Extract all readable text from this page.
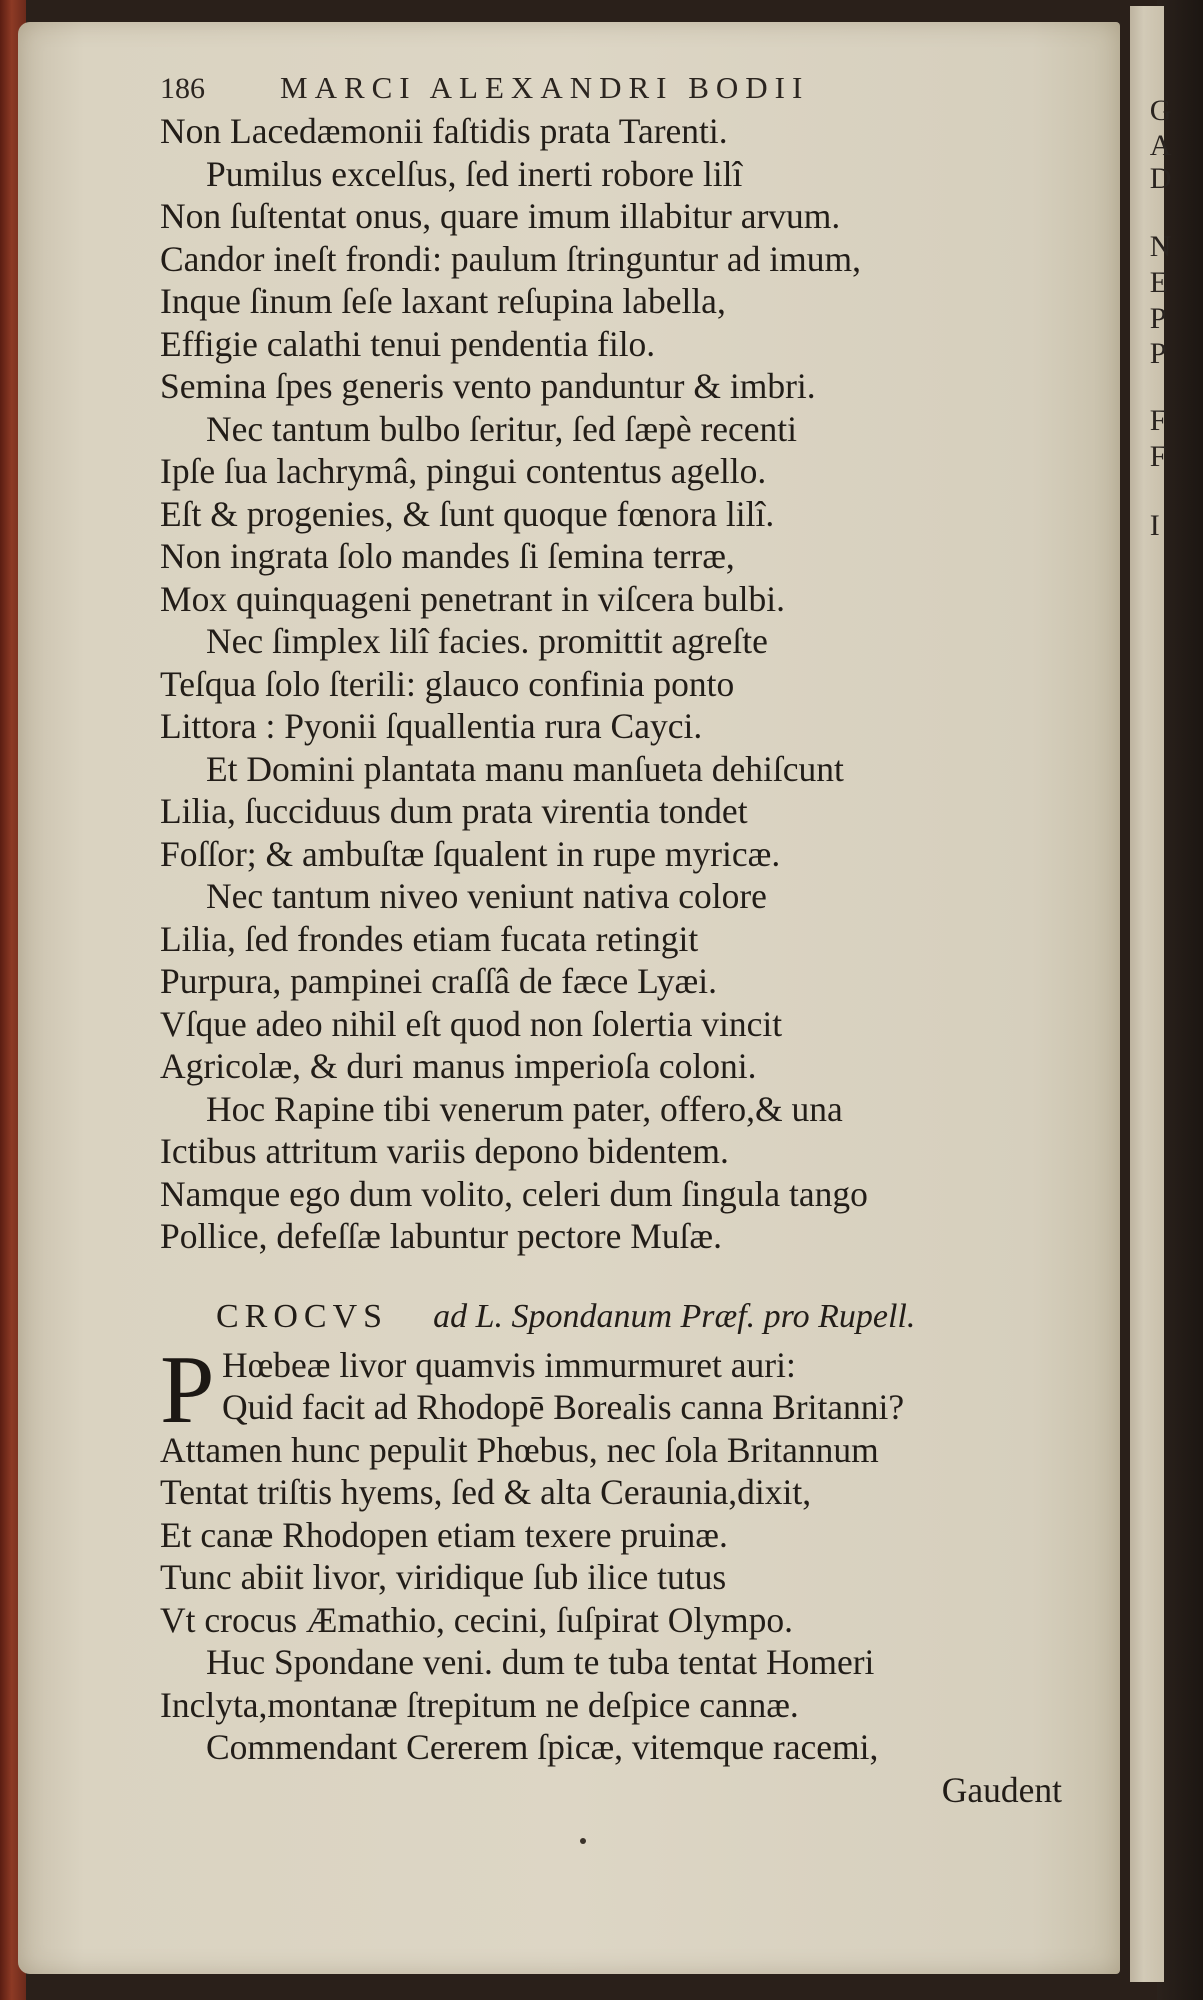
G
A
D
N
E
P
P
F
F
I
186	MARCI ALEXANDRI BODII
Non Lacedæmonii faſtidis prata Tarenti.
Pumilus excelſus, ſed inerti robore lilî
Non ſuſtentat onus, quare imum illabitur arvum.
Candor ineſt frondi: paulum ſtringuntur ad imum,
Inque ſinum ſeſe laxant reſupina labella,
Effigie calathi tenui pendentia filo.
Semina ſpes generis vento panduntur & imbri.
Nec tantum bulbo ſeritur, ſed ſæpè recenti
Ipſe ſua lachrymâ, pingui contentus agello.
Eſt & progenies, & ſunt quoque fœnora lilî.
Non ingrata ſolo mandes ſi ſemina terræ,
Mox quinquageni penetrant in viſcera bulbi.
Nec ſimplex lilî facies. promittit agreſte
Teſqua ſolo ſterili: glauco confinia ponto
Littora : Pyonii ſquallentia rura Cayci.
Et Domini plantata manu manſueta dehiſcunt
Lilia, ſucciduus dum prata virentia tondet
Foſſor; & ambuſtæ ſqualent in rupe myricæ.
Nec tantum niveo veniunt nativa colore
Lilia, ſed frondes etiam fucata retingit
Purpura, pampinei craſſâ de fæce Lyæi.
Vſque adeo nihil eſt quod non ſolertia vincit
Agricolæ, & duri manus imperioſa coloni.
Hoc Rapine tibi venerum pater, offero,& una
Ictibus attritum variis depono bidentem.
Namque ego dum volito, celeri dum ſingula tango
Pollice, defeſſæ labuntur pectore Muſæ.
CROCVS ad L. Spondanum Præf. pro Rupell.
P Hœbeæ livor quamvis immurmuret auri:
Quid facit ad Rhodopē Borealis canna Britanni?
Attamen hunc pepulit Phœbus, nec ſola Britannum
Tentat triſtis hyems, ſed & alta Ceraunia,dixit,
Et canæ Rhodopen etiam texere pruinæ.
Tunc abiit livor, viridique ſub ilice tutus
Vt crocus Æmathio, cecini, ſuſpirat Olympo.
Huc Spondane veni. dum te tuba tentat Homeri
Inclyta,montanæ ſtrepitum ne deſpice cannæ.
Commendant Cererem ſpicæ, vitemque racemi,
Gaudent
